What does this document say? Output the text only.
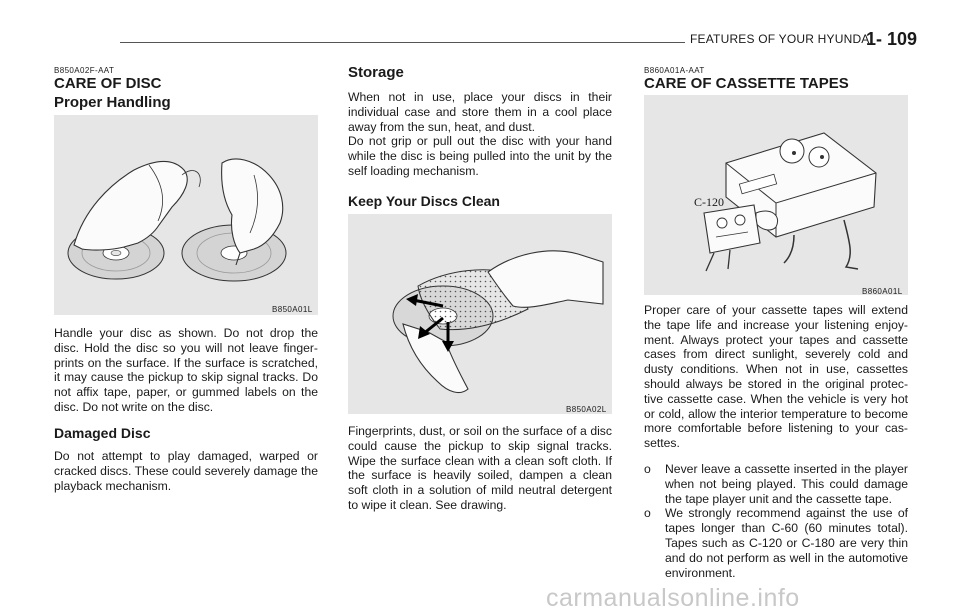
FEATURES OF YOUR HYUNDAI
1- 109
B850A02F-AAT
CARE OF DISC
Proper Handling
B850A01L

Handle your disc as shown. Do not drop the disc. Hold the disc so you will not leave finger-prints on the surface. If the surface is scratched, it may cause the pickup to skip signal tracks. Do not affix tape, paper, or gummed labels on the disc. Do not write on the disc.

Damaged Disc

Do not attempt to play damaged, warped or cracked discs. These could severely damage the playback mechanism.

Storage

When not in use, place your discs in their individual case and store them in a cool place away from the sun, heat, and dust.

Do not grip or pull out the disc with your hand while the disc is being pulled into the unit by the self loading mechanism.

Keep Your Discs Clean
B850A02L

Fingerprints, dust, or soil on the surface of a disc could cause the pickup to skip signal tracks. Wipe the surface clean with a clean soft cloth. If the surface is heavily soiled, dampen a clean soft cloth in a solution of mild neutral detergent to wipe it clean. See drawing.

B860A01A-AAT
CARE OF CASSETTE TAPES
C-120
B860A01L

Proper care of your cassette tapes will extend the tape life and increase your listening enjoy-ment. Always protect your tapes and cassette cases from direct sunlight, severely cold and dusty conditions. When not in use, cassettes should always be stored in the original protec-tive cassette case. When the vehicle is very hot or cold, allow the interior temperature to become more comfortable before listening to your cas-settes.

o Never leave a cassette inserted in the player when not being played. This could damage the tape player unit and the cassette tape.
o We strongly recommend against the use of tapes longer than C-60 (60 minutes total). Tapes such as C-120 or C-180 are very thin and do not perform as well in the automotive environment.
carmanualsonline.info
